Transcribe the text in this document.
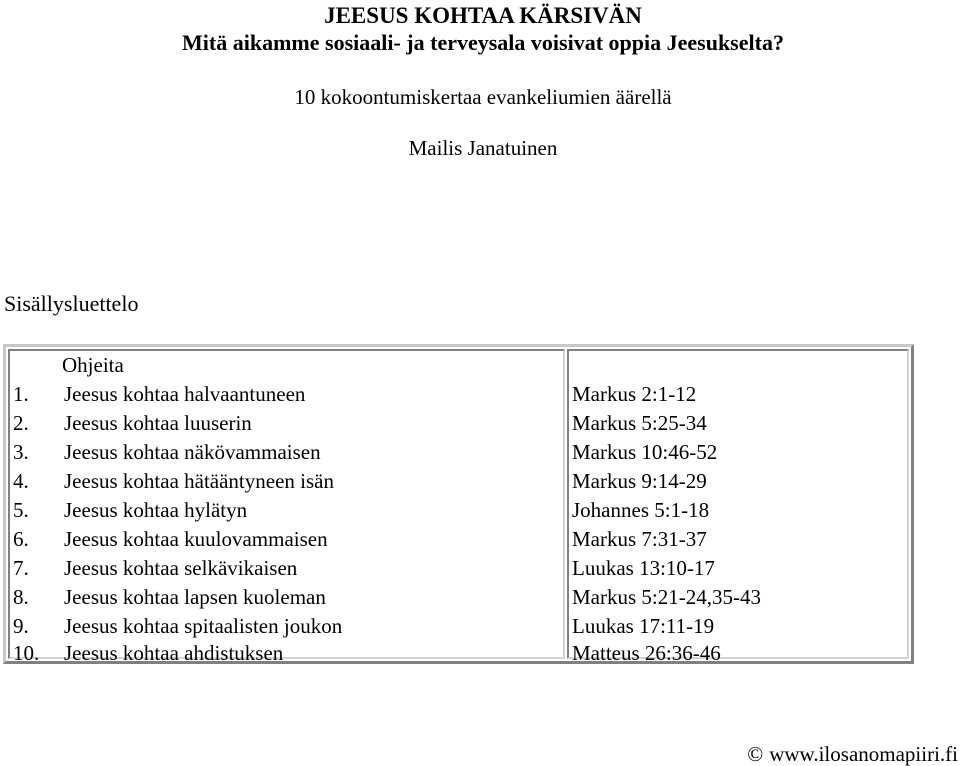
JEESUS KOHTAA KÄRSIVÄN
Mitä aikamme sosiaali- ja terveysala voisivat oppia Jeesukselta?
10 kokoontumiskertaa evankeliumien äärellä
Mailis Janatuinen
Sisällysluettelo
Ohjeita
1. Jeesus kohtaa halvaantuneen
2. Jeesus kohtaa luuserin
3. Jeesus kohtaa näkövammaisen
4. Jeesus kohtaa hätääntyneen isän
5. Jeesus kohtaa hylätyn
6. Jeesus kohtaa kuulovammaisen
7. Jeesus kohtaa selkävikaisen
8. Jeesus kohtaa lapsen kuoleman
9. Jeesus kohtaa spitaalisten joukon
10. Jeesus kohtaa ahdistuksen
Markus 2:1-12
Markus 5:25-34
Markus 10:46-52
Markus 9:14-29
Johannes 5:1-18
Markus 7:31-37
Luukas 13:10-17
Markus 5:21-24,35-43
Luukas 17:11-19
Matteus 26:36-46
© www.ilosanomapiiri.fi
